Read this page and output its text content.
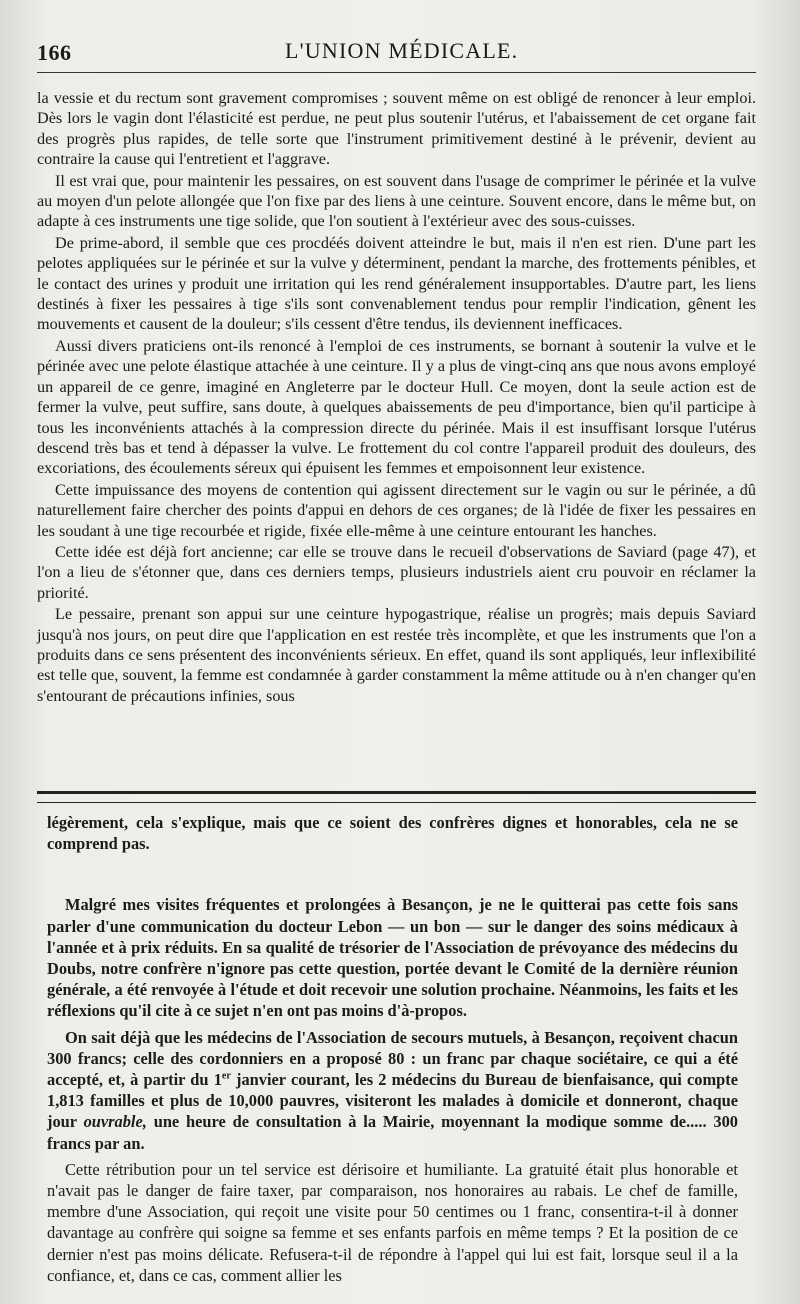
166	L'UNION MÉDICALE.

la vessie et du rectum sont gravement compromises ; souvent même on est obligé de renoncer à leur emploi. Dès lors le vagin dont l'élasticité est perdue, ne peut plus soutenir l'utérus, et l'abaissement de cet organe fait des progrès plus rapides, de telle sorte que l'instrument primitivement destiné à le prévenir, devient au contraire la cause qui l'entretient et l'aggrave.

Il est vrai que, pour maintenir les pessaires, on est souvent dans l'usage de comprimer le périnée et la vulve au moyen d'un pelote allongée que l'on fixe par des liens à une ceinture. Souvent encore, dans le même but, on adapte à ces instruments une tige solide, que l'on soutient à l'extérieur avec des sous-cuisses.

De prime-abord, il semble que ces procdéés doivent atteindre le but, mais il n'en est rien. D'une part les pelotes appliquées sur le périnée et sur la vulve y déterminent, pendant la marche, des frottements pénibles, et le contact des urines y produit une irritation qui les rend généralement insupportables. D'autre part, les liens destinés à fixer les pessaires à tige s'ils sont convenablement tendus pour remplir l'indication, gênent les mouvements et causent de la douleur; s'ils cessent d'être tendus, ils deviennent inefficaces.

Aussi divers praticiens ont-ils renoncé à l'emploi de ces instruments, se bornant à soutenir la vulve et le périnée avec une pelote élastique attachée à une ceinture. Il y a plus de vingt-cinq ans que nous avons employé un appareil de ce genre, imaginé en Angleterre par le docteur Hull. Ce moyen, dont la seule action est de fermer la vulve, peut suffire, sans doute, à quelques abaissements de peu d'importance, bien qu'il participe à tous les inconvénients attachés à la compression directe du périnée. Mais il est insuffisant lorsque l'utérus descend très bas et tend à dépasser la vulve. Le frottement du col contre l'appareil produit des douleurs, des excoriations, des écoulements séreux qui épuisent les femmes et empoisonnent leur existence.

Cette impuissance des moyens de contention qui agissent directement sur le vagin ou sur le périnée, a dû naturellement faire chercher des points d'appui en dehors de ces organes; de là l'idée de fixer les pessaires en les soudant à une tige recourbée et rigide, fixée elle-même à une ceinture entourant les hanches.

Cette idée est déjà fort ancienne; car elle se trouve dans le recueil d'observations de Saviard (page 47), et l'on a lieu de s'étonner que, dans ces derniers temps, plusieurs industriels aient cru pouvoir en réclamer la priorité.

Le pessaire, prenant son appui sur une ceinture hypogastrique, réalise un progrès; mais depuis Saviard jusqu'à nos jours, on peut dire que l'application en est restée très incomplète, et que les instruments que l'on a produits dans ce sens présentent des inconvénients sérieux. En effet, quand ils sont appliqués, leur inflexibilité est telle que, souvent, la femme est condamnée à garder constamment la même attitude ou à n'en changer qu'en s'entourant de précautions infinies, sous

légèrement, cela s'explique, mais que ce soient des confrères dignes et honorables, cela ne se comprend pas.

Malgré mes visites fréquentes et prolongées à Besançon, je ne le quitterai pas cette fois sans parler d'une communication du docteur Lebon — un bon — sur le danger des soins médicaux à l'année et à prix réduits. En sa qualité de trésorier de l'Association de prévoyance des médecins du Doubs, notre confrère n'ignore pas cette question, portée devant le Comité de la dernière réunion générale, a été renvoyée à l'étude et doit recevoir une solution prochaine. Néanmoins, les faits et les réflexions qu'il cite à ce sujet n'en ont pas moins d'à-propos.

On sait déjà que les médecins de l'Association de secours mutuels, à Besançon, reçoivent chacun 300 francs; celle des cordonniers en a proposé 80 : un franc par chaque sociétaire, ce qui a été accepté, et, à partir du 1er janvier courant, les 2 médecins du Bureau de bienfaisance, qui compte 1,813 familles et plus de 10,000 pauvres, visiteront les malades à domicile et donneront, chaque jour ouvrable, une heure de consultation à la Mairie, moyennant la modique somme de..... 300 francs par an.

Cette rétribution pour un tel service est dérisoire et humiliante. La gratuité était plus honorable et n'avait pas le danger de faire taxer, par comparaison, nos honoraires au rabais. Le chef de famille, membre d'une Association, qui reçoit une visite pour 50 centimes ou 1 franc, consentira-t-il à donner davantage au confrère qui soigne sa femme et ses enfants parfois en même temps ? Et la position de ce dernier n'est pas moins délicate. Refusera-t-il de répondre à l'appel qui lui est fait, lorsque seul il a la confiance, et, dans ce cas, comment allier les
